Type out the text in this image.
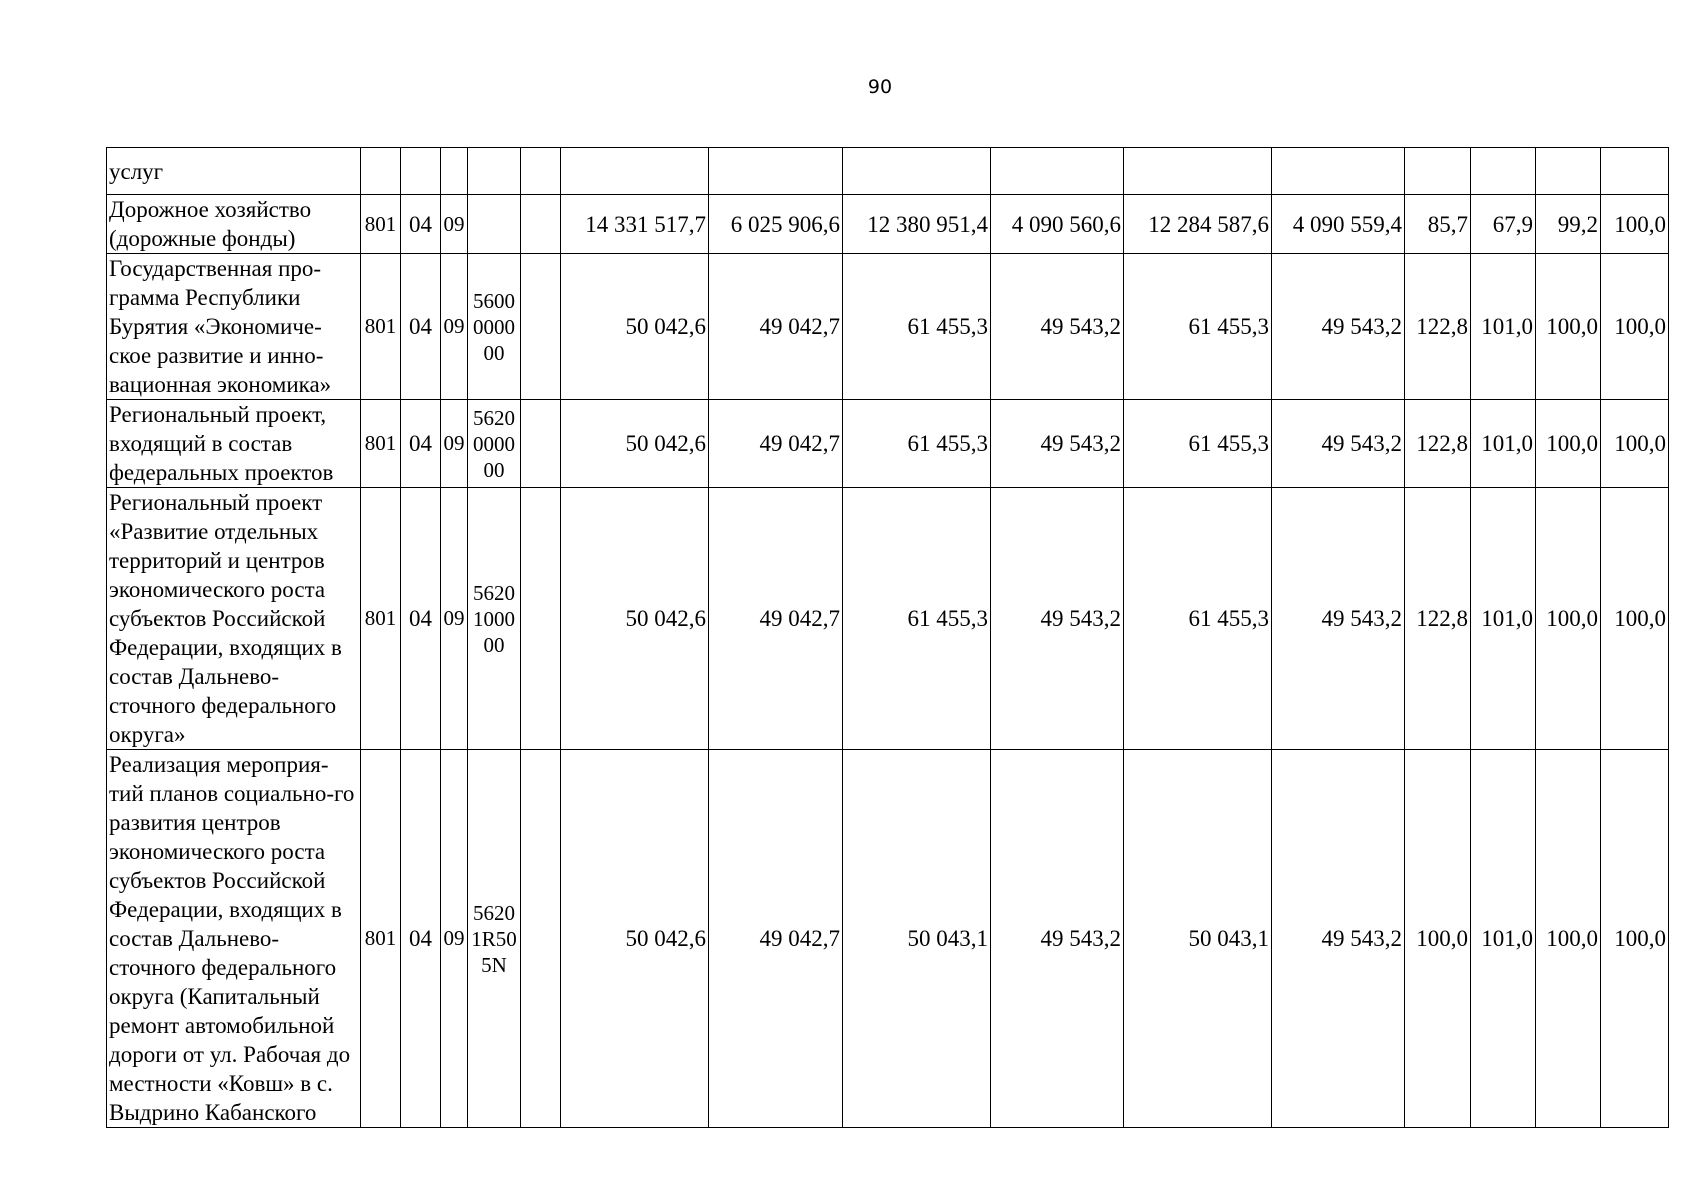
90
услуг															
Дорожное хозяйство (дорожные фонды)	801	04	09			14 331 517,7	6 025 906,6	12 380 951,4	4 090 560,6	12 284 587,6	4 090 559,4	85,7	67,9	99,2	100,0
Государственная про-грамма Республики Бурятия «Экономиче-ское развитие и инно-вационная экономика»	801	04	09	5600 0000 00		50 042,6	49 042,7	61 455,3	49 543,2	61 455,3	49 543,2	122,8	101,0	100,0	100,0
Региональный проект, входящий в состав федеральных проектов	801	04	09	5620 0000 00		50 042,6	49 042,7	61 455,3	49 543,2	61 455,3	49 543,2	122,8	101,0	100,0	100,0
Региональный проект «Развитие отдельных территорий и центров экономического роста субъектов Российской Федерации, входящих в состав Дальнево-сточного федерального округа»	801	04	09	5620 1000 00		50 042,6	49 042,7	61 455,3	49 543,2	61 455,3	49 543,2	122,8	101,0	100,0	100,0
Реализация мероприя-тий планов социально-го развития центров экономического роста субъектов Российской Федерации, входящих в состав Дальнево-сточного федерального округа (Капитальный ремонт автомобильной дороги от ул. Рабочая до местности «Ковш» в с. Выдрино Кабанского	801	04	09	5620 1R50 5N		50 042,6	49 042,7	50 043,1	49 543,2	50 043,1	49 543,2	100,0	101,0	100,0	100,0
